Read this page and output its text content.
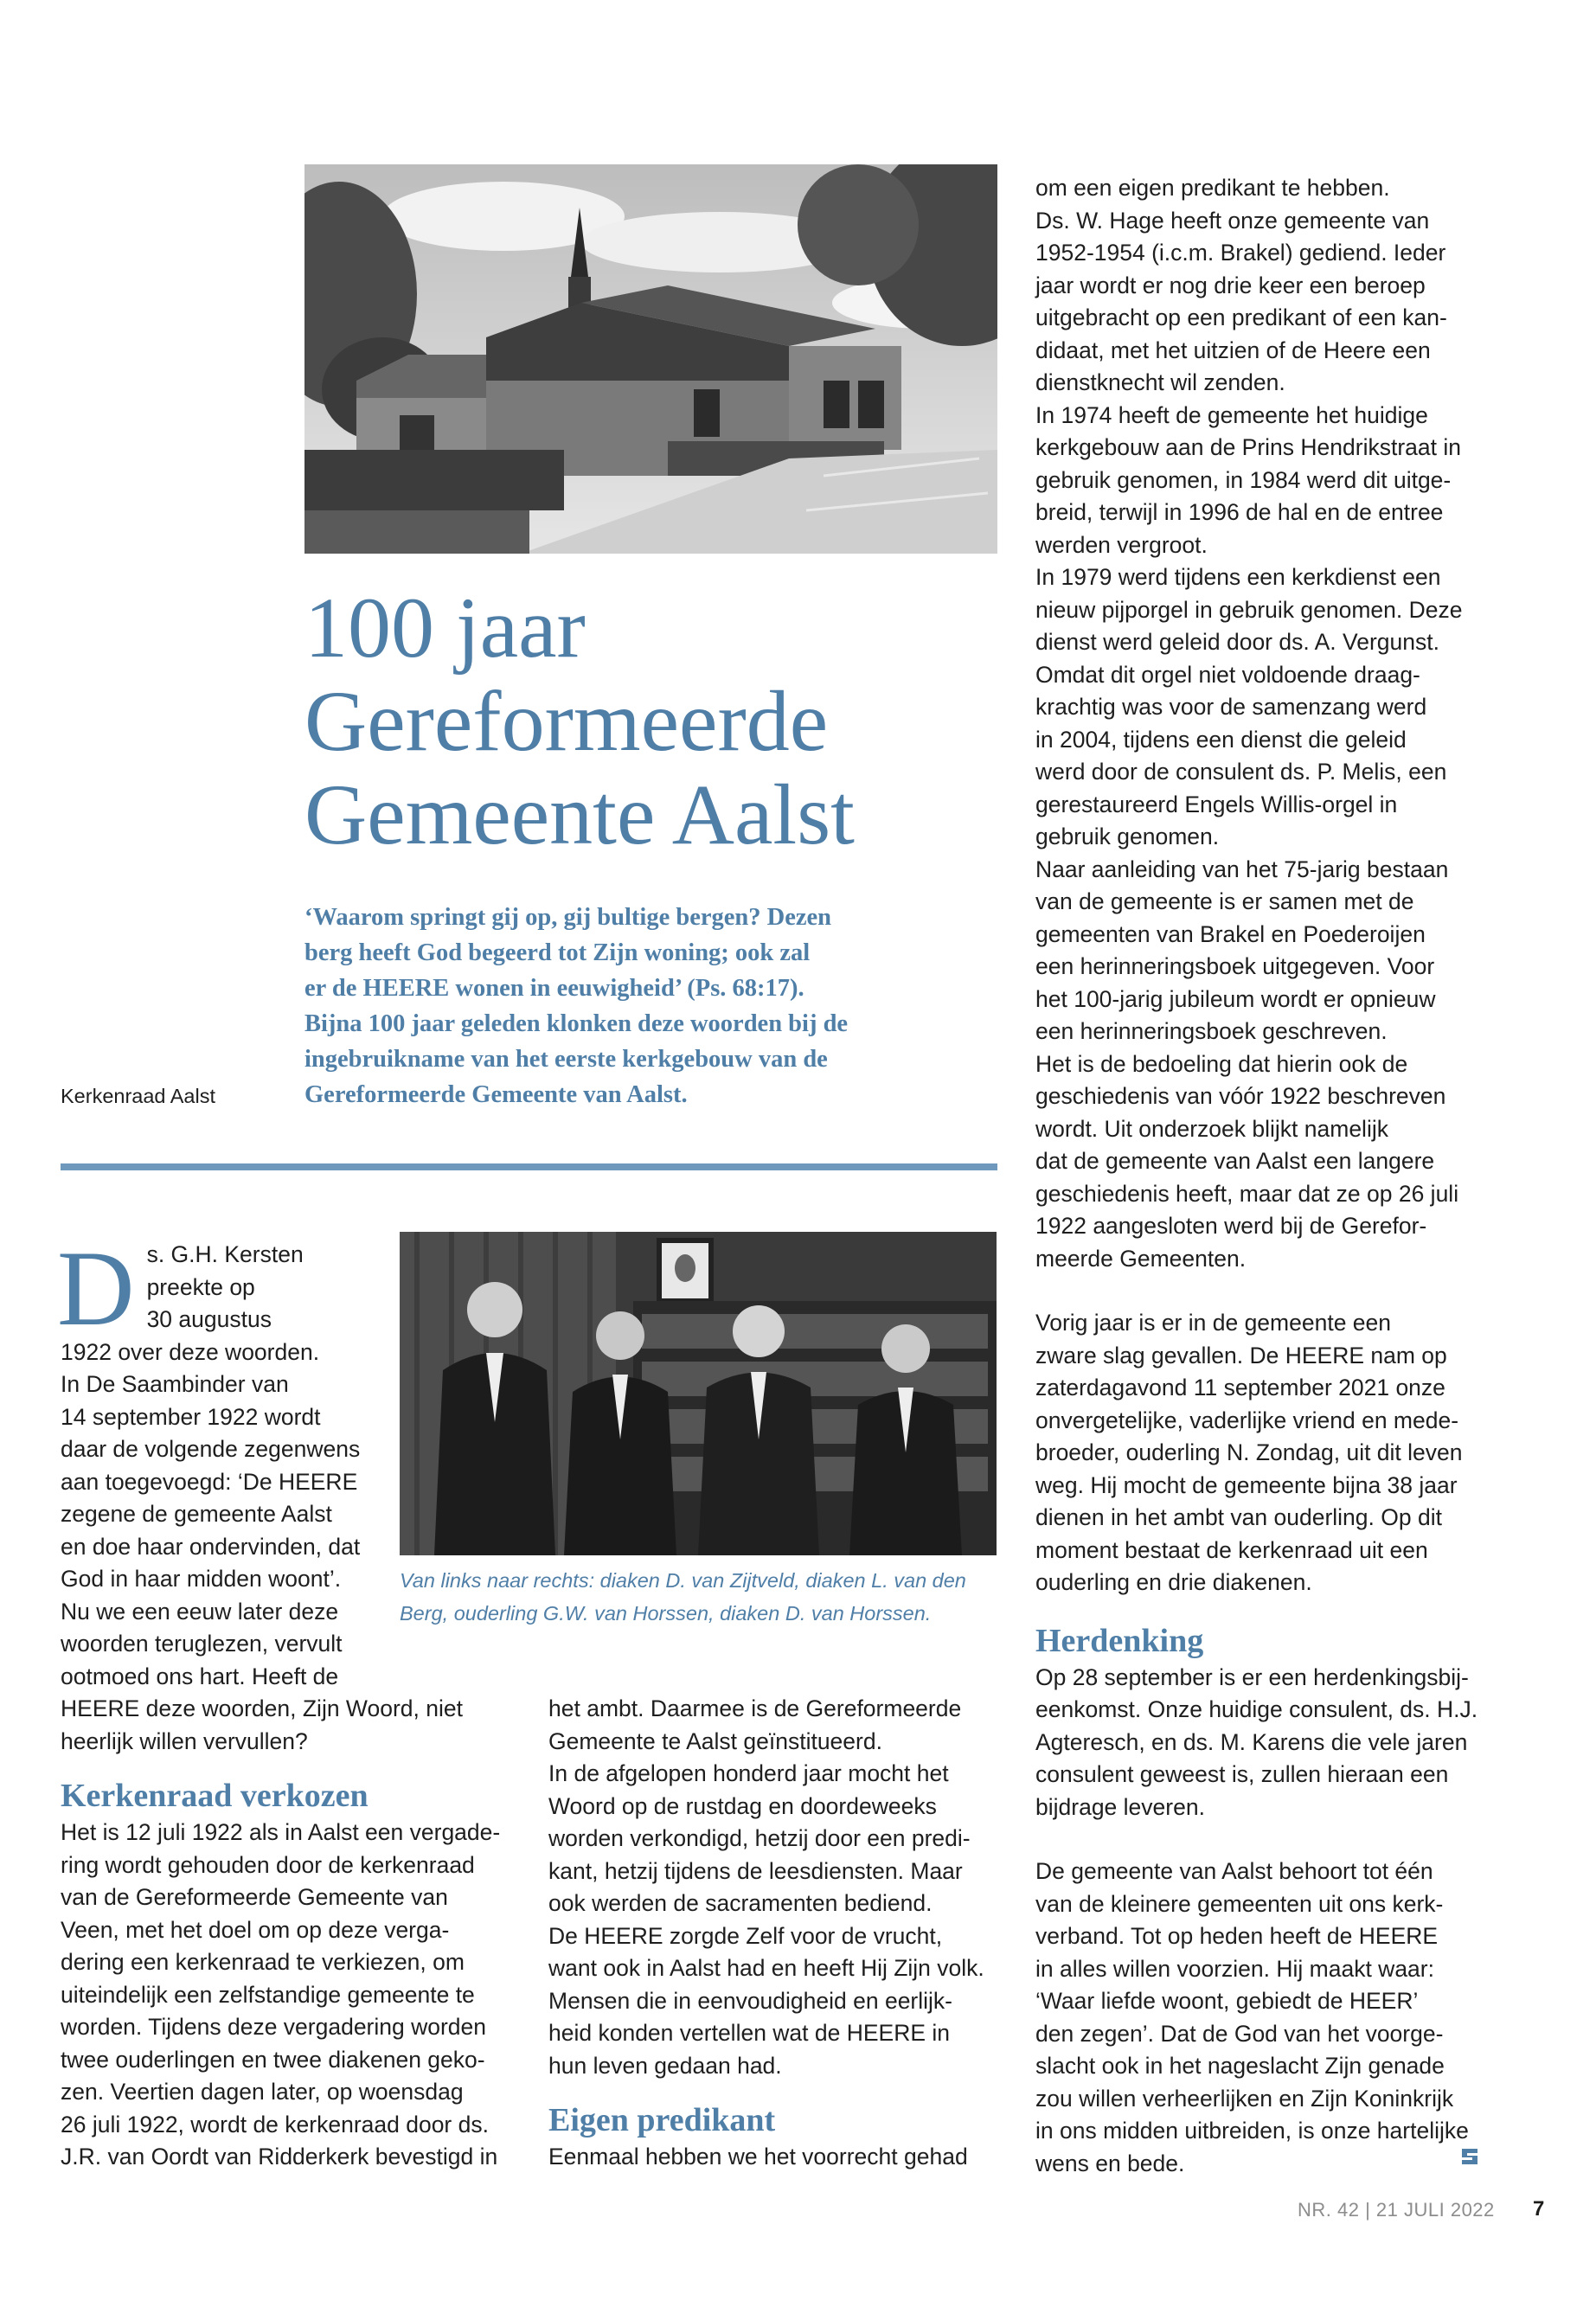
100 jaar
Gereformeerde
Gemeente Aalst

‘Waarom springt gij op, gij bultige bergen? Dezen

berg heeft God begeerd tot Zijn woning; ook zal

er de HEERE wonen in eeuwigheid’ (Ps. 68:17).

Bijna 100 jaar geleden klonken deze woorden bij de

ingebruikname van het eerste kerkgebouw van de

Gereformeerde Gemeente van Aalst.

Kerkenraad Aalst

Van links naar rechts: diaken D. van Zijtveld, diaken L. van den

Berg, ouderling G.W. van Horssen, diaken D. van Horssen.

D s. G.H. Kersten

preekte op

30 augustus

1922 over deze woorden.

In De Saambinder van

14 september 1922 wordt

daar de volgende zegenwens

aan toegevoegd: ‘De HEERE

zegene de gemeente Aalst

en doe haar ondervinden, dat

God in haar midden woont’.

Nu we een eeuw later deze

woorden teruglezen, vervult

ootmoed ons hart. Heeft de

HEERE deze woorden, Zijn Woord, niet

heerlijk willen vervullen?

Kerkenraad verkozen

Het is 12 juli 1922 als in Aalst een vergade-

ring wordt gehouden door de kerkenraad

van de Gereformeerde Gemeente van

Veen, met het doel om op deze verga-

dering een kerkenraad te verkiezen, om

uiteindelijk een zelfstandige gemeente te

worden. Tijdens deze vergadering worden

twee ouderlingen en twee diakenen geko-

zen. Veertien dagen later, op woensdag

26 juli 1922, wordt de kerkenraad door ds.

J.R. van Oordt van Ridderkerk bevestigd in

het ambt. Daarmee is de Gereformeerde

Gemeente te Aalst geïnstitueerd.

In de afgelopen honderd jaar mocht het

Woord op de rustdag en doordeweeks

worden verkondigd, hetzij door een predi-

kant, hetzij tijdens de leesdiensten. Maar

ook werden de sacramenten bediend.

De HEERE zorgde Zelf voor de vrucht,

want ook in Aalst had en heeft Hij Zijn volk.

Mensen die in eenvoudigheid en eerlijk-

heid konden vertellen wat de HEERE in

hun leven gedaan had.

Eigen predikant

Eenmaal hebben we het voorrecht gehad

om een eigen predikant te hebben.

Ds. W. Hage heeft onze gemeente van

1952-1954 (i.c.m. Brakel) gediend. Ieder

jaar wordt er nog drie keer een beroep

uitgebracht op een predikant of een kan-

didaat, met het uitzien of de Heere een

dienstknecht wil zenden.

In 1974 heeft de gemeente het huidige

kerkgebouw aan de Prins Hendrikstraat in

gebruik genomen, in 1984 werd dit uitge-

breid, terwijl in 1996 de hal en de entree

werden vergroot.

In 1979 werd tijdens een kerkdienst een

nieuw pijporgel in gebruik genomen. Deze

dienst werd geleid door ds. A. Vergunst.

Omdat dit orgel niet voldoende draag-

krachtig was voor de samenzang werd

in 2004, tijdens een dienst die geleid

werd door de consulent ds. P. Melis, een

gerestaureerd Engels Willis-orgel in

gebruik genomen.

Naar aanleiding van het 75-jarig bestaan

van de gemeente is er samen met de

gemeenten van Brakel en Poederoijen

een herinneringsboek uitgegeven. Voor

het 100-jarig jubileum wordt er opnieuw

een herinneringsboek geschreven.

Het is de bedoeling dat hierin ook de

geschiedenis van vóór 1922 beschreven

wordt. Uit onderzoek blijkt namelijk

dat de gemeente van Aalst een langere

geschiedenis heeft, maar dat ze op 26 juli

1922 aangesloten werd bij de Gerefor-

meerde Gemeenten.

Vorig jaar is er in de gemeente een

zware slag gevallen. De HEERE nam op

zaterdagavond 11 september 2021 onze

onvergetelijke, vaderlijke vriend en mede-

broeder, ouderling N. Zondag, uit dit leven

weg. Hij mocht de gemeente bijna 38 jaar

dienen in het ambt van ouderling. Op dit

moment bestaat de kerkenraad uit een

ouderling en drie diakenen.

Herdenking

Op 28 september is er een herdenkingsbij-

eenkomst. Onze huidige consulent, ds. H.J.

Agteresch, en ds. M. Karens die vele jaren

consulent geweest is, zullen hieraan een

bijdrage leveren.

De gemeente van Aalst behoort tot één

van de kleinere gemeenten uit ons kerk-

verband. Tot op heden heeft de HEERE

in alles willen voorzien. Hij maakt waar:

‘Waar liefde woont, gebiedt de HEER’

den zegen’. Dat de God van het voorge-

slacht ook in het nageslacht Zijn genade

zou willen verheerlijken en Zijn Koninkrijk

in ons midden uitbreiden, is onze hartelijke

wens en bede.

NR. 42 | 21 JULI 2022 7
